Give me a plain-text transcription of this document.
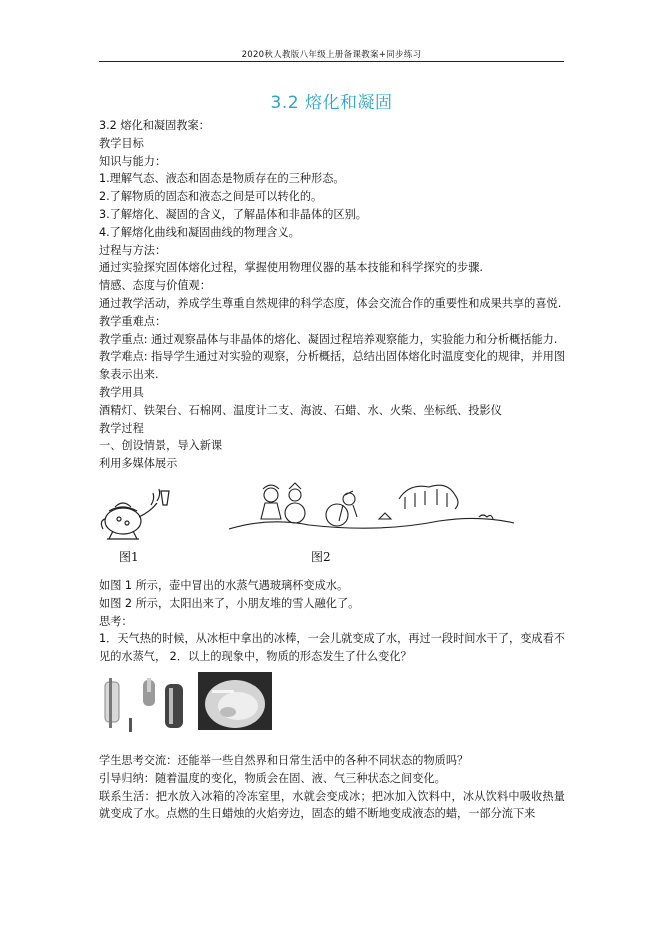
2020秋人教版八年级上册备课教案+同步练习
3.2 熔化和凝固

3.2 熔化和凝固教案：

教学目标

知识与能力：

1.理解气态、液态和固态是物质存在的三种形态。

2.了解物质的固态和液态之间是可以转化的。

3.了解熔化、凝固的含义，了解晶体和非晶体的区别。

4.了解熔化曲线和凝固曲线的物理含义。

过程与方法：

通过实验探究固体熔化过程，掌握使用物理仪器的基本技能和科学探究的步骤.

情感、态度与价值观：

通过教学活动，养成学生尊重自然规律的科学态度，体会交流合作的重要性和成果共享的喜悦.

教学重难点：

教学重点: 通过观察晶体与非晶体的熔化、凝固过程培养观察能力，实验能力和分析概括能力.

教学难点: 指导学生通过对实验的观察，分析概括，总结出固体熔化时温度变化的规律，并用图象表示出来.

教学用具

酒精灯、铁架台、石棉网、温度计二支、海波、石蜡、水、火柴、坐标纸、投影仪

教学过程

一、创设情景，导入新课

利用多媒体展示

图1	图2

如图 1 所示，壶中冒出的水蒸气遇玻璃杯变成水。

如图 2 所示，太阳出来了，小朋友堆的雪人融化了。

思考：

1．天气热的时候，从冰柜中拿出的冰棒，一会儿就变成了水，再过一段时间水干了，变成看不见的水蒸气， 2．以上的现象中，物质的形态发生了什么变化？

学生思考交流：还能举一些自然界和日常生活中的各种不同状态的物质吗？

引导归纳：随着温度的变化，物质会在固、液、气三种状态之间变化。

联系生活：把水放入冰箱的冷冻室里，水就会变成冰；把冰加入饮料中，冰从饮料中吸收热量就变成了水。点燃的生日蜡烛的火焰旁边，固态的蜡不断地变成液态的蜡，一部分流下来
